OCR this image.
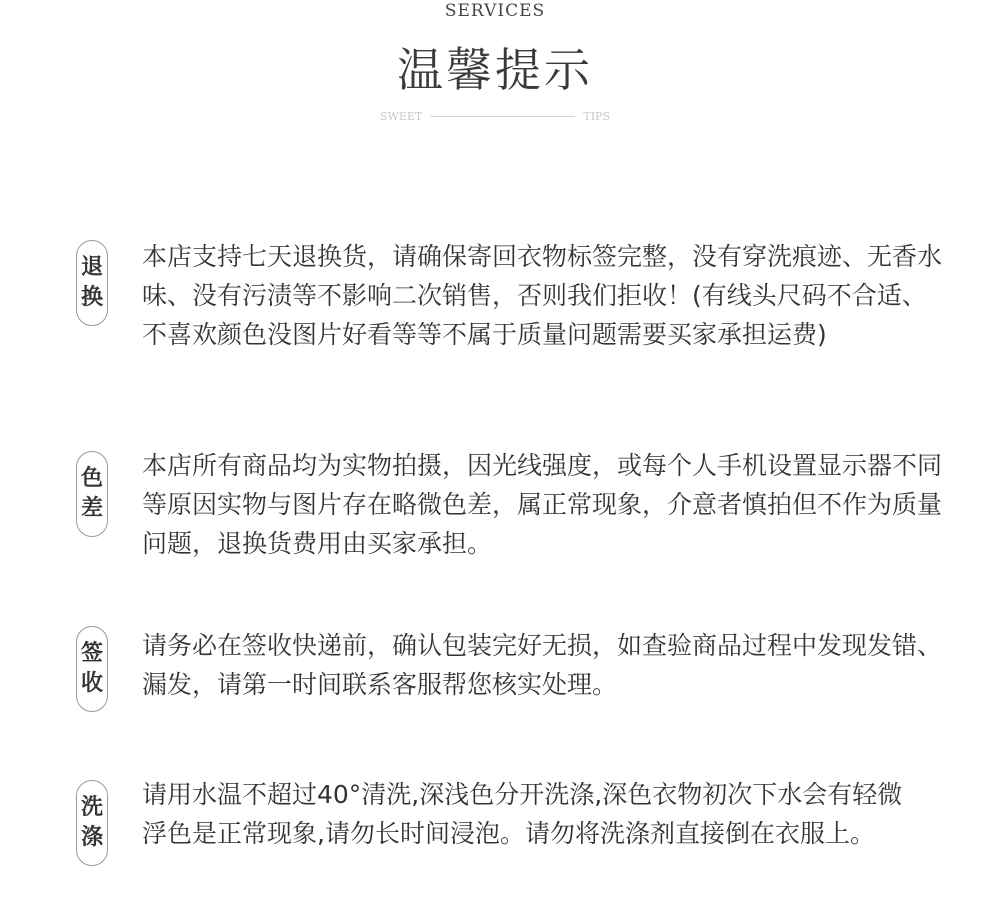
SERVICES
温馨提示
SWEET	TIPS
退
换

本店支持七天退换货，请确保寄回衣物标签完整，没有穿洗痕迹、无香水味、没有污渍等不影响二次销售，否则我们拒收！(有线头尺码不合适、不喜欢颜色没图片好看等等不属于质量问题需要买家承担运费)

色
差

本店所有商品均为实物拍摄，因光线强度，或每个人手机设置显示器不同等原因实物与图片存在略微色差，属正常现象，介意者慎拍但不作为质量问题，退换货费用由买家承担。

签
收

请务必在签收快递前，确认包装完好无损，如查验商品过程中发现发错、漏发，请第一时间联系客服帮您核实处理。

洗
涤

请用水温不超过40°清洗,深浅色分开洗涤,深色衣物初次下水会有轻微浮色是正常现象,请勿长时间浸泡。请勿将洗涤剂直接倒在衣服上。
